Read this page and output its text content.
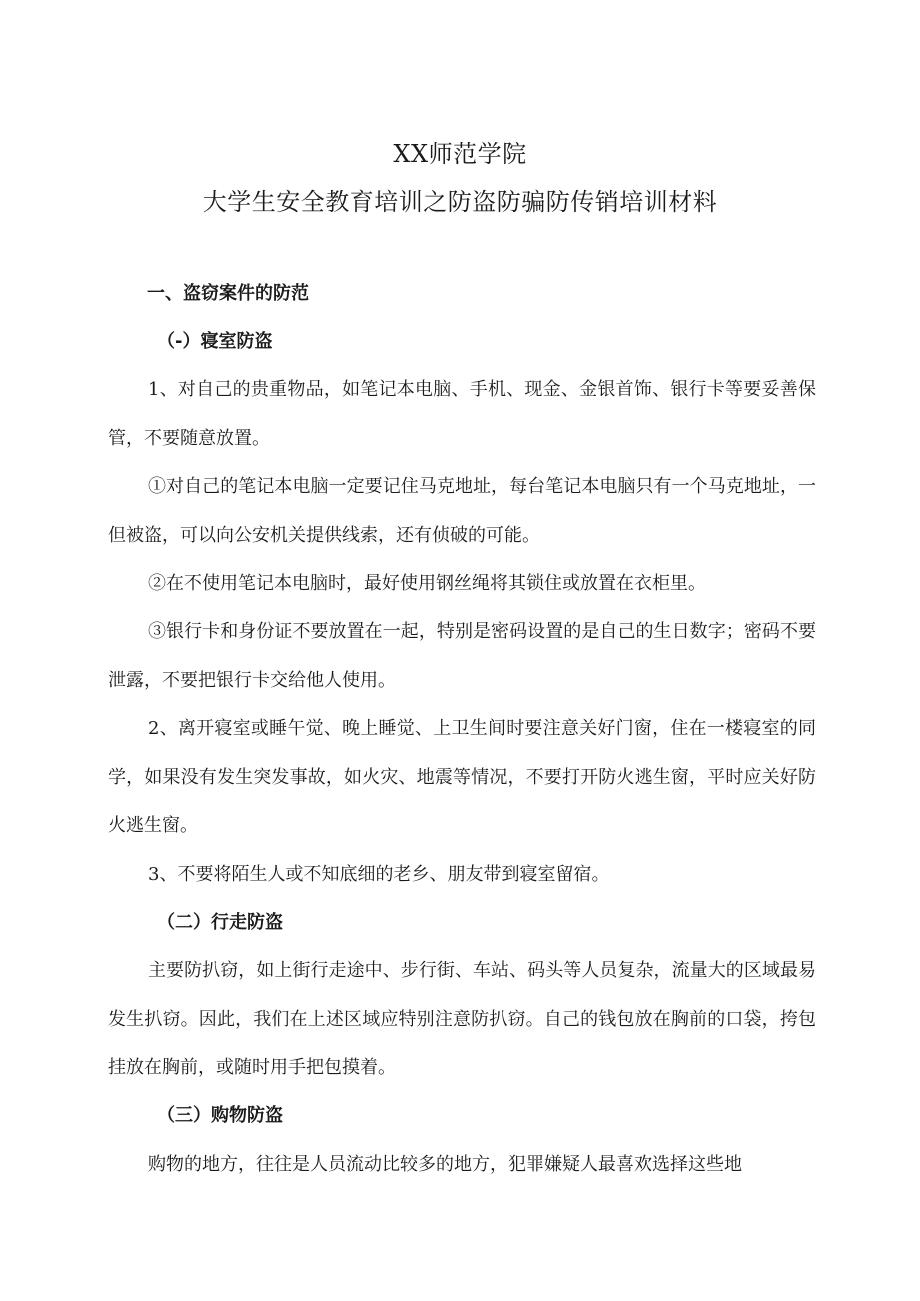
XX师范学院
大学生安全教育培训之防盗防骗防传销培训材料
一、盗窃案件的防范
（-）寝室防盗

1、对自己的贵重物品，如笔记本电脑、手机、现金、金银首饰、银行卡等要妥善保管，不要随意放置。

①对自己的笔记本电脑一定要记住马克地址，每台笔记本电脑只有一个马克地址，一但被盗，可以向公安机关提供线索，还有侦破的可能。

②在不使用笔记本电脑时，最好使用钢丝绳将其锁住或放置在衣柜里。

③银行卡和身份证不要放置在一起，特别是密码设置的是自己的生日数字；密码不要泄露，不要把银行卡交给他人使用。

2、离开寝室或睡午觉、晚上睡觉、上卫生间时要注意关好门窗，住在一楼寝室的同学，如果没有发生突发事故，如火灾、地震等情况，不要打开防火逃生窗，平时应关好防火逃生窗。

3、不要将陌生人或不知底细的老乡、朋友带到寝室留宿。

（二）行走防盗

主要防扒窃，如上街行走途中、步行街、车站、码头等人员复杂，流量大的区域最易发生扒窃。因此，我们在上述区域应特别注意防扒窃。自己的钱包放在胸前的口袋，挎包挂放在胸前，或随时用手把包摸着。

（三）购物防盗

购物的地方，往往是人员流动比较多的地方，犯罪嫌疑人最喜欢选择这些地
